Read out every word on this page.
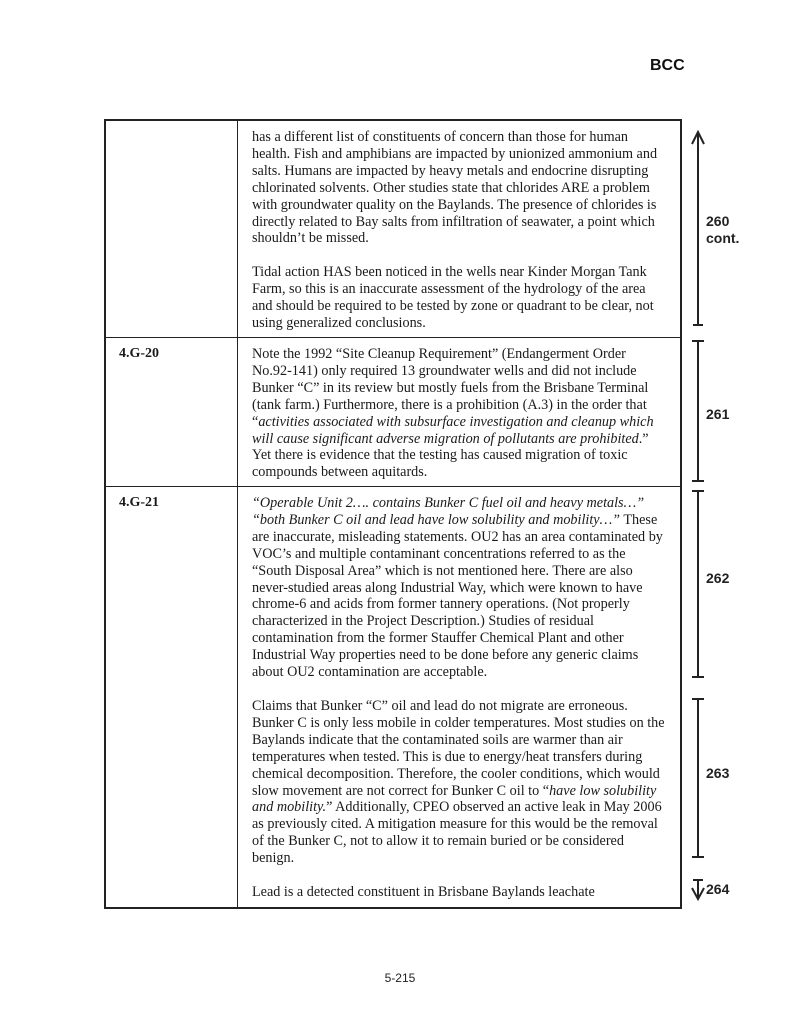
BCC

	has a different list of constituents of concern than those for human health. Fish and amphibians are impacted by unionized ammonium and salts. Humans are impacted by heavy metals and endocrine disrupting chlorinated solvents. Other studies state that chlorides ARE a problem with groundwater quality on the Baylands. The presence of chlorides is directly related to Bay salts from infiltration of seawater, a point which shouldn’t be missed.

Tidal action HAS been noticed in the wells near Kinder Morgan Tank Farm, so this is an inaccurate assessment of the hydrology of the area and should be required to be tested by zone or quadrant to be clear, not using generalized conclusions.

4.G-20	Note the 1992 “Site Cleanup Requirement” (Endangerment Order No.92-141) only required 13 groundwater wells and did not include Bunker “C” in its review but mostly fuels from the Brisbane Terminal (tank farm.) Furthermore, there is a prohibition (A.3) in the order that “activities associated with subsurface investigation and cleanup which will cause significant adverse migration of pollutants are prohibited.” Yet there is evidence that the testing has caused migration of toxic compounds between aquitards.

4.G-21	“Operable Unit 2…. contains Bunker C fuel oil and heavy metals…” “both Bunker C oil and lead have low solubility and mobility…” These are inaccurate, misleading statements. OU2 has an area contaminated by VOC’s and multiple contaminant concentrations referred to as the “South Disposal Area” which is not mentioned here. There are also never-studied areas along Industrial Way, which were known to have chrome-6 and acids from former tannery operations. (Not properly characterized in the Project Description.) Studies of residual contamination from the former Stauffer Chemical Plant and other Industrial Way properties need to be done before any generic claims about OU2 contamination are acceptable.

Claims that Bunker “C” oil and lead do not migrate are erroneous. Bunker C is only less mobile in colder temperatures. Most studies on the Baylands indicate that the contaminated soils are warmer than air temperatures when tested. This is due to energy/heat transfers during chemical decomposition. Therefore, the cooler conditions, which would slow movement are not correct for Bunker C oil to “have low solubility and mobility.” Additionally, CPEO observed an active leak in May 2006 as previously cited. A mitigation measure for this would be the removal of the Bunker C, not to allow it to remain buried or be considered benign.

Lead is a detected constituent in Brisbane Baylands leachate

260
cont.
261
262
263
264
5-215
